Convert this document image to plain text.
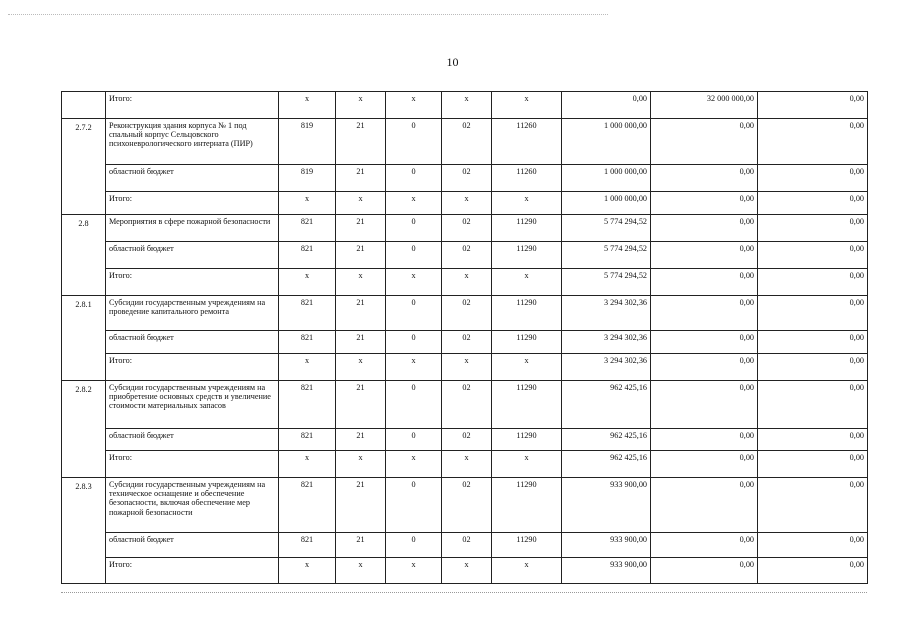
10
	Итого:	х	х	х	х	х	0,00	32 000 000,00	0,00
2.7.2	Реконструкция здания корпуса № 1 под спальный корпус Сельцовского психоневрологического интерната (ПИР)	819	21	0	02	11260	1 000 000,00	0,00	0,00
	областной бюджет	819	21	0	02	11260	1 000 000,00	0,00	0,00
	Итого:	х	х	х	х	х	1 000 000,00	0,00	0,00
2.8	Мероприятия в сфере пожарной безопасности	821	21	0	02	11290	5 774 294,52	0,00	0,00
	областной бюджет	821	21	0	02	11290	5 774 294,52	0,00	0,00
	Итого:	х	х	х	х	х	5 774 294,52	0,00	0,00
2.8.1	Субсидии государственным учреждениям на проведение капитального ремонта	821	21	0	02	11290	3 294 302,36	0,00	0,00
	областной бюджет	821	21	0	02	11290	3 294 302,36	0,00	0,00
	Итого:	х	х	х	х	х	3 294 302,36	0,00	0,00
2.8.2	Субсидии государственным учреждениям на приобретение основных средств и увеличение стоимости материальных запасов	821	21	0	02	11290	962 425,16	0,00	0,00
	областной бюджет	821	21	0	02	11290	962 425,16	0,00	0,00
	Итого:	х	х	х	х	х	962 425,16	0,00	0,00
2.8.3	Субсидии государственным учреждениям на техническое оснащение и обеспечение безопасности, включая обеспечение мер пожарной безопасности	821	21	0	02	11290	933 900,00	0,00	0,00
	областной бюджет	821	21	0	02	11290	933 900,00	0,00	0,00
	Итого:	х	х	х	х	х	933 900,00	0,00	0,00
